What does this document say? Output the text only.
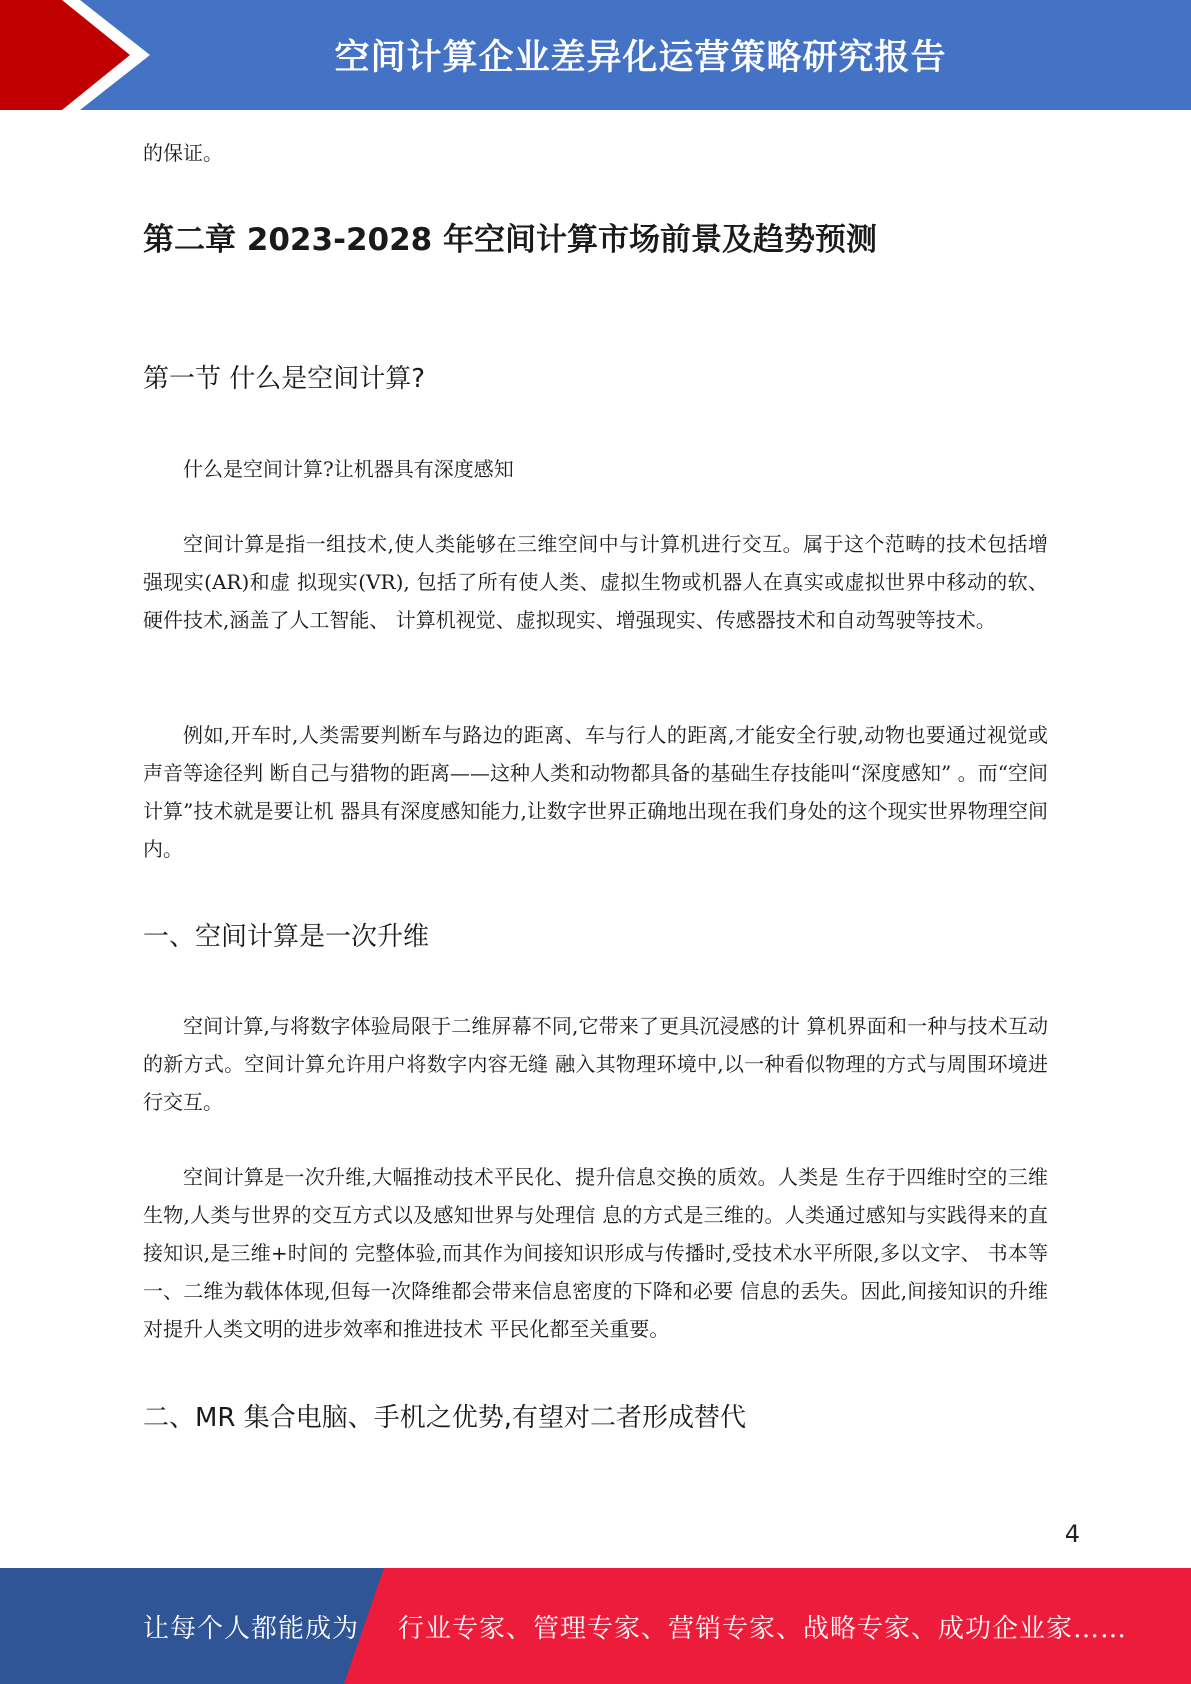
空间计算企业差异化运营策略研究报告

的保证。

第二章 2023-2028 年空间计算市场前景及趋势预测
第一节 什么是空间计算?

什么是空间计算?让机器具有深度感知

空间计算是指一组技术,使人类能够在三维空间中与计算机进行交互。属于这个范畴的技术包括增强现实(AR)和虚 拟现实(VR), 包括了所有使人类、虚拟生物或机器人在真实或虚拟世界中移动的软、硬件技术,涵盖了人工智能、 计算机视觉、虚拟现实、增强现实、传感器技术和自动驾驶等技术。

例如,开车时,人类需要判断车与路边的距离、车与行人的距离,才能安全行驶,动物也要通过视觉或声音等途径判 断自己与猎物的距离——这种人类和动物都具备的基础生存技能叫“深度感知” 。而“空间计算”技术就是要让机 器具有深度感知能力,让数字世界正确地出现在我们身处的这个现实世界物理空间内。

一、空间计算是一次升维

空间计算,与将数字体验局限于二维屏幕不同,它带来了更具沉浸感的计 算机界面和一种与技术互动的新方式。空间计算允许用户将数字内容无缝 融入其物理环境中,以一种看似物理的方式与周围环境进行交互。

空间计算是一次升维,大幅推动技术平民化、提升信息交换的质效。人类是 生存于四维时空的三维生物,人类与世界的交互方式以及感知世界与处理信 息的方式是三维的。人类通过感知与实践得来的直接知识,是三维+时间的 完整体验,而其作为间接知识形成与传播时,受技术水平所限,多以文字、 书本等一、二维为载体体现,但每一次降维都会带来信息密度的下降和必要 信息的丢失。因此,间接知识的升维对提升人类文明的进步效率和推进技术 平民化都至关重要。

二、MR 集合电脑、手机之优势,有望对二者形成替代
4
让每个人都能成为 行业专家、管理专家、营销专家、战略专家、成功企业家……
